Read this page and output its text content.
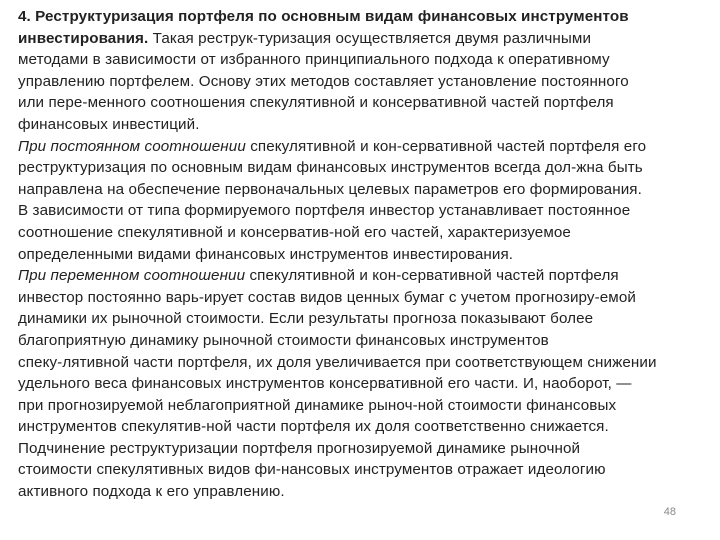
4. Реструктуризация портфеля по основным видам финансовых инструментов
инвестирования. Такая реструк-туризация осуществляется двумя различными
методами в зависимости от избранного принципиального подхода к оперативному
управлению портфелем. Основу этих методов составляет установление постоянного
или пере-менного соотношения спекулятивной и консервативной частей портфеля
финансовых инвестиций.
При постоянном соотношении спекулятивной и кон-сервативной частей портфеля его
реструктуризация по основным видам финансовых инструментов всегда дол-жна быть
направлена на обеспечение первоначальных целевых параметров его формирования.
В зависимости от типа формируемого портфеля инвестор устанавливает постоянное
соотношение спекулятивной и консерватив-ной его частей, характеризуемое
определенными видами финансовых инструментов инвестирования.
При переменном соотношении спекулятивной и кон-сервативной частей портфеля
инвестор постоянно варь-ирует состав видов ценных бумаг с учетом прогнозиру-емой
динамики их рыночной стоимости. Если результаты прогноза показывают более
благоприятную динамику рыночной стоимости финансовых инструментов
спеку-лятивной части портфеля, их доля увеличивается при соответствующем снижении
удельного веса финансовых инструментов консервативной его части. И, наоборот, —
при прогнозируемой неблагоприятной динамике рыноч-ной стоимости финансовых
инструментов спекулятив-ной части портфеля их доля соответственно снижается.
Подчинение реструктуризации портфеля прогнозируемой динамике рыночной
стоимости спекулятивных видов фи-нансовых инструментов отражает идеологию
активного подхода к его управлению.
48
